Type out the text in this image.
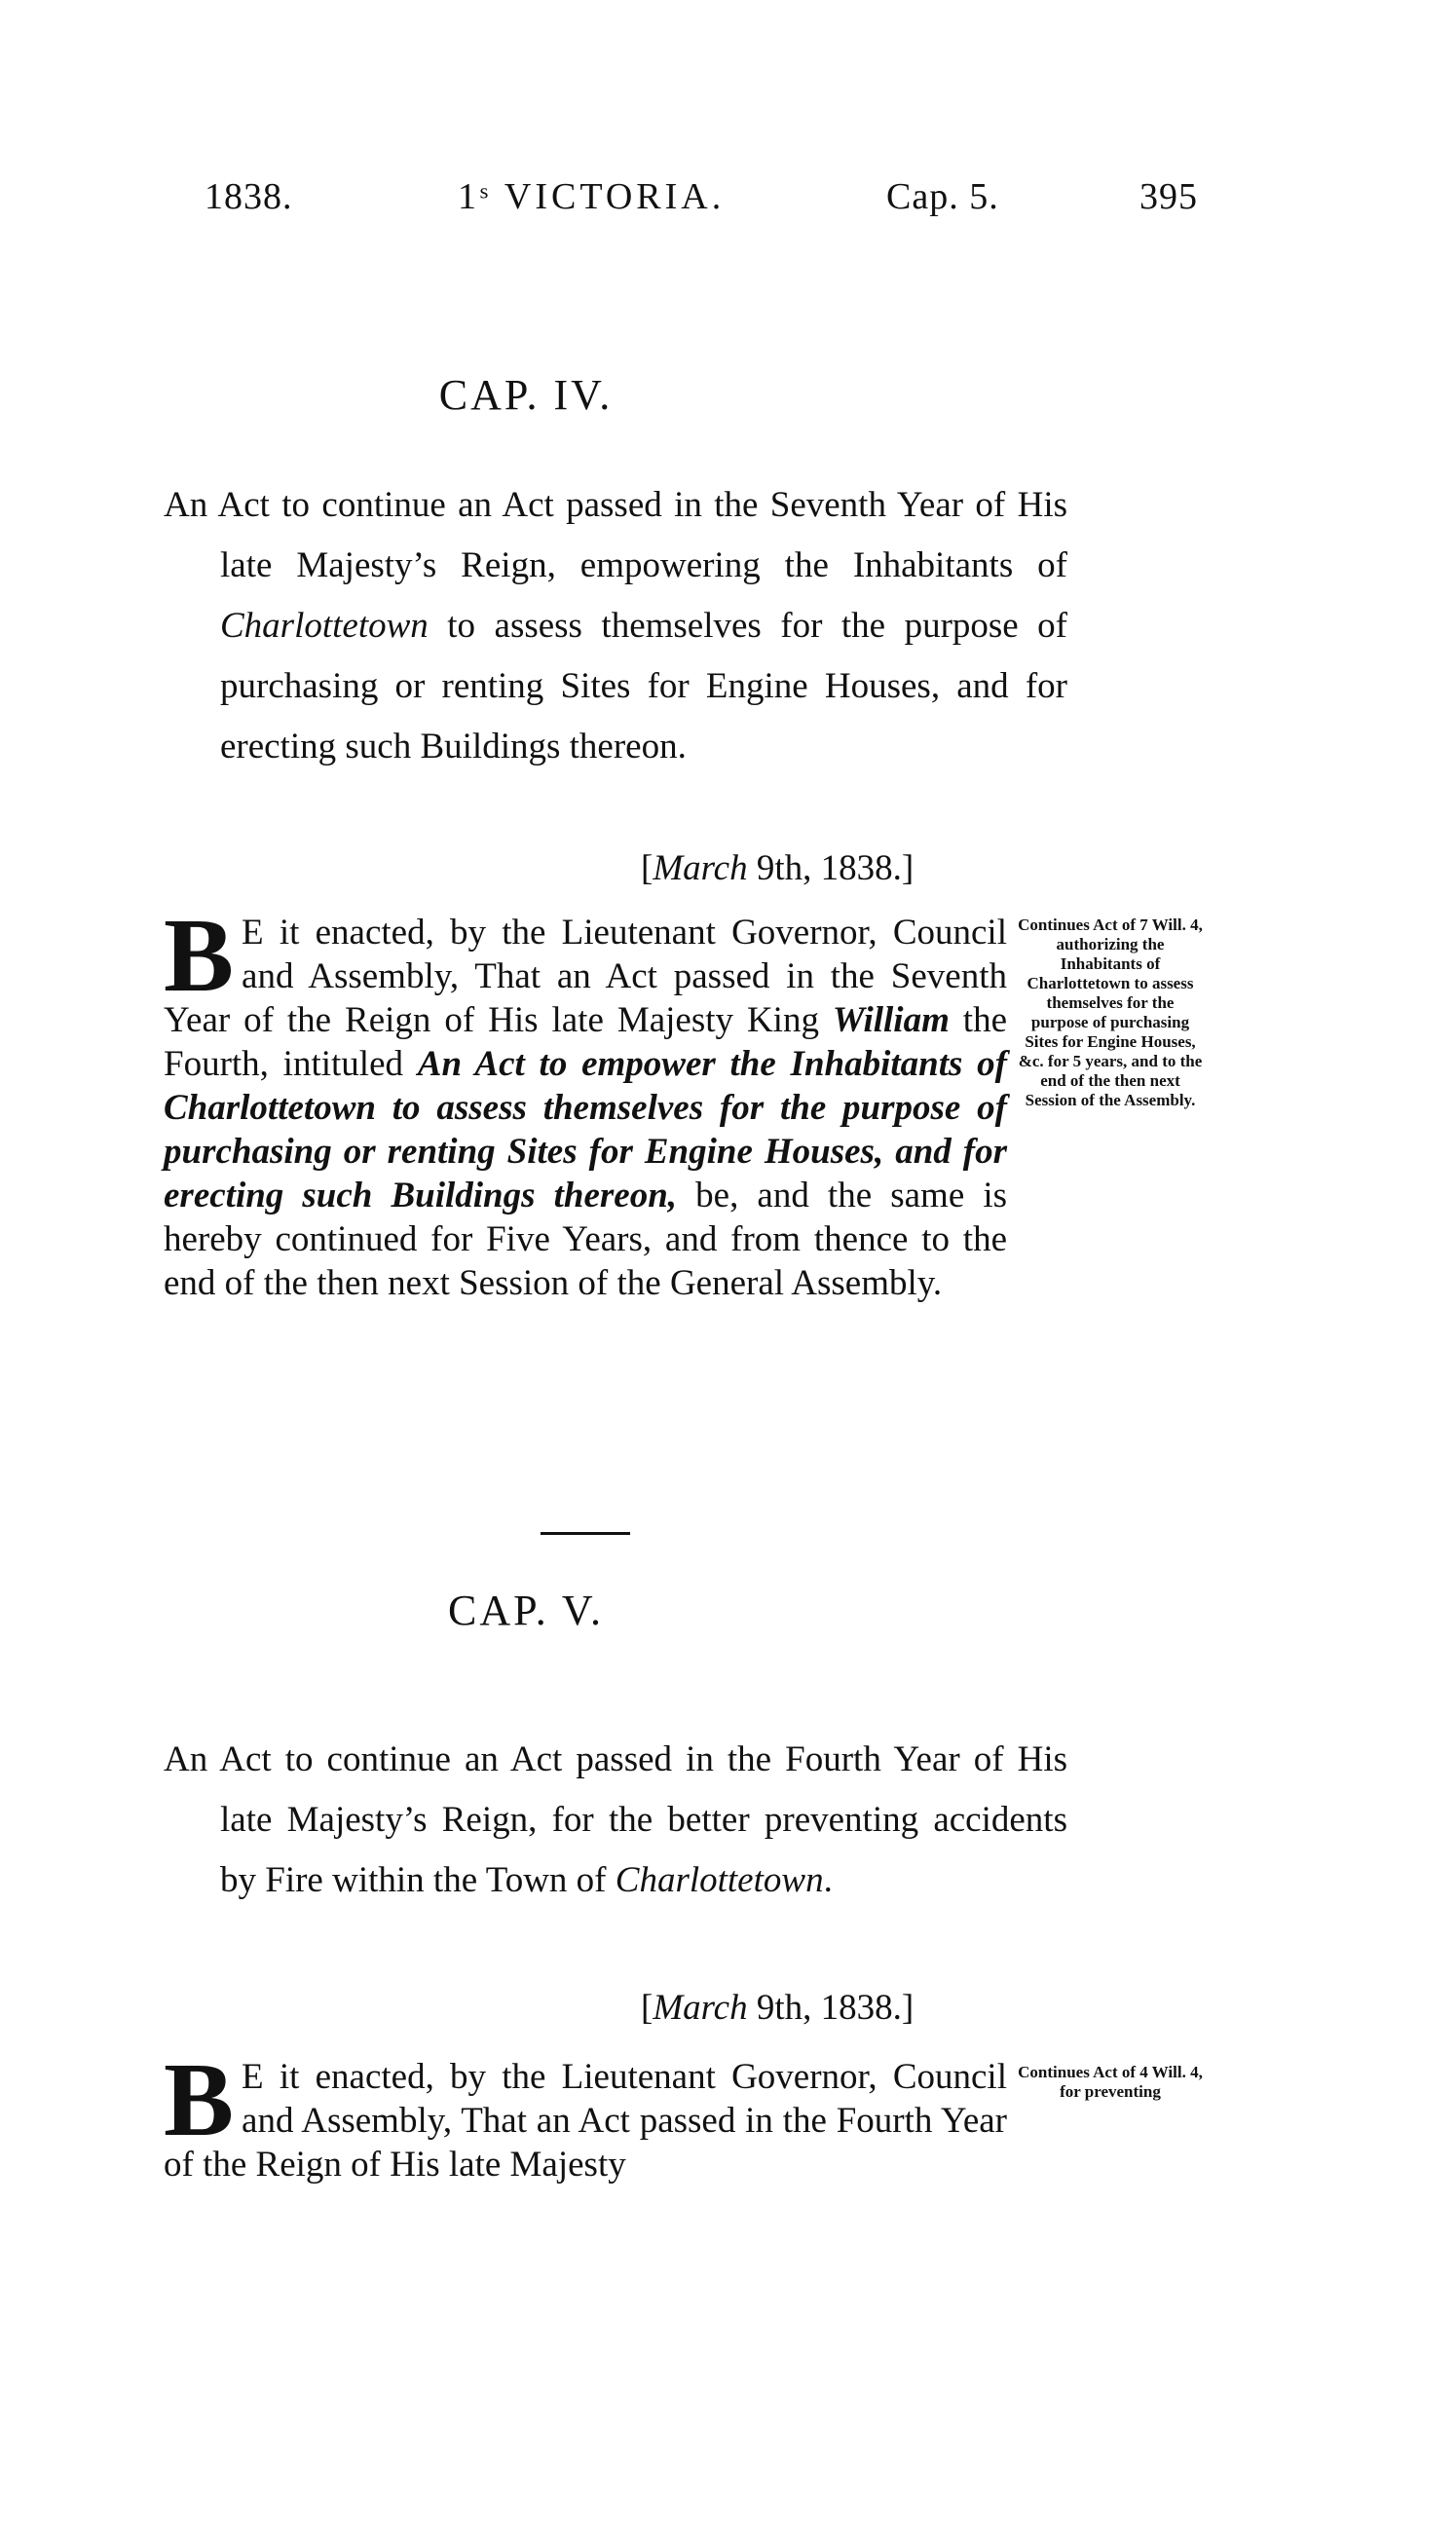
1838.	1ˢ VICTORIA.	Cap. 5.	395
CAP. IV.
An Act to continue an Act passed in the Seventh Year of His late Majesty’s Reign, empowering the Inhabitants of Charlottetown to assess themselves for the purpose of purchasing or renting Sites for Engine Houses, and for erecting such Buildings thereon.
[March 9th, 1838.]
B E it enacted, by the Lieutenant Governor, Council and Assembly, That an Act passed in the Seventh Year of the Reign of His late Majesty King William the Fourth, intituled An Act to empower the Inhabitants of Charlottetown to assess themselves for the purpose of purchasing or renting Sites for Engine Houses, and for erecting such Buildings thereon, be, and the same is hereby continued for Five Years, and from thence to the end of the then next Session of the General Assembly.
Continues Act of 7 Will. 4, authorizing the Inhabitants of Charlottetown to assess themselves for the purpose of purchasing Sites for Engine Houses, &c. for 5 years, and to the end of the then next Session of the Assembly.
CAP. V.
An Act to continue an Act passed in the Fourth Year of His late Majesty’s Reign, for the better preventing accidents by Fire within the Town of Charlottetown.
[March 9th, 1838.]
B E it enacted, by the Lieutenant Governor, Council and Assembly, That an Act passed in the Fourth Year of the Reign of His late Majesty
Continues Act of 4 Will. 4, for preventing
